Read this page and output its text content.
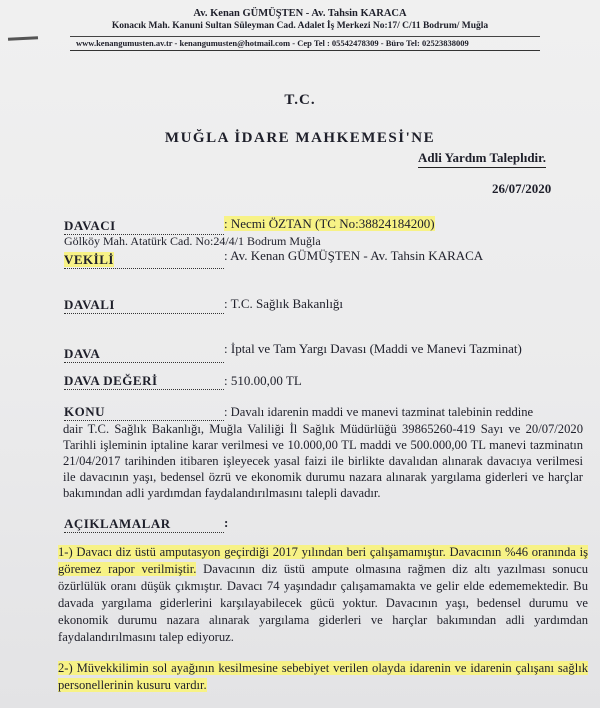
Av. Kenan GÜMÜŞTEN - Av. Tahsin KARACA
Konacık Mah. Kanuni Sultan Süleyman Cad. Adalet İş Merkezi No:17/ C/11 Bodrum/ Muğla
www.kenangumusten.av.tr - kenangumusten@hotmail.com - Cep Tel : 05542478309 - Büro Tel: 02523838009
T.C.
MUĞLA İDARE MAHKEMESİ'NE
Adli Yardım Taleplıdir.
26/07/2020
DAVACI	: Necmi ÖZTAN (TC No:38824184200)
Gölköy Mah. Atatürk Cad. No:24/4/1 Bodrum Muğla
VEKİLİ	: Av. Kenan GÜMÜŞTEN - Av. Tahsin KARACA
DAVALI	: T.C. Sağlık Bakanlığı
DAVA	: İptal ve Tam Yargı Davası (Maddi ve Manevi Tazminat)
DAVA DEĞERİ	: 510.00,00 TL
KONU	: Davalı idarenin maddi ve manevi tazminat talebinin reddine
dair T.C. Sağlık Bakanlığı, Muğla Valiliği İl Sağlık Müdürlüğü 39865260-419 Sayı ve 20/07/2020 Tarihli işleminin iptaline karar verilmesi ve 10.000,00 TL maddi ve 500.000,00 TL manevi tazminatın 21/04/2017 tarihinden itibaren işleyecek yasal faizi ile birlikte davalıdan alınarak davacıya verilmesi ile davacının yaşı, bedensel özrü ve ekonomik durumu nazara alınarak yargılama giderleri ve harçlar bakımından adli yardımdan faydalandırılmasını talepli davadır.
AÇIKLAMALAR	:
1-) Davacı diz üstü amputasyon geçirdiği 2017 yılından beri çalışamamıştır. Davacının %46 oranında iş göremez rapor verilmiştir. Davacının diz üstü ampute olmasına rağmen diz altı yazılması sonucu özürlülük oranı düşük çıkmıştır. Davacı 74 yaşındadır çalışamamakta ve gelir elde edememektedir. Bu davada yargılama giderlerini karşılayabilecek gücü yoktur. Davacının yaşı, bedensel durumu ve ekonomik durumu nazara alınarak yargılama giderleri ve harçlar bakımından adli yardımdan faydalandırılmasını talep ediyoruz.
2-) Müvekkilimin sol ayağının kesilmesine sebebiyet verilen olayda idarenin ve idarenin çalışanı sağlık personellerinin kusuru vardır.
